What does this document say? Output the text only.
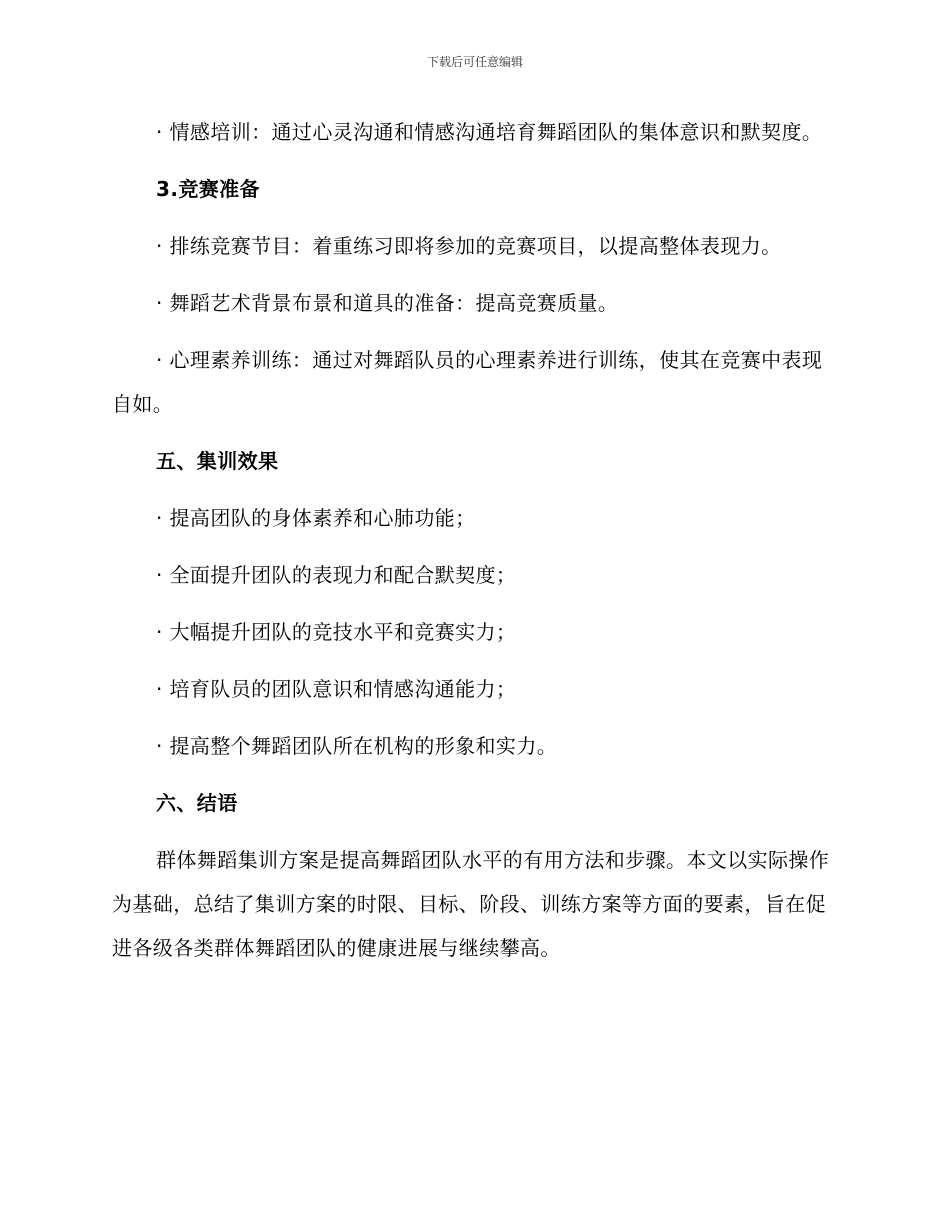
下载后可任意编辑

· 情感培训：通过心灵沟通和情感沟通培育舞蹈团队的集体意识和默契度。

3.竞赛准备

· 排练竞赛节目：着重练习即将参加的竞赛项目，以提高整体表现力。

· 舞蹈艺术背景布景和道具的准备：提高竞赛质量。

· 心理素养训练：通过对舞蹈队员的心理素养进行训练，使其在竞赛中表现自如。

五、集训效果

· 提高团队的身体素养和心肺功能；

· 全面提升团队的表现力和配合默契度；

· 大幅提升团队的竞技水平和竞赛实力；

· 培育队员的团队意识和情感沟通能力；

· 提高整个舞蹈团队所在机构的形象和实力。

六、结语

群体舞蹈集训方案是提高舞蹈团队水平的有用方法和步骤。本文以实际操作为基础，总结了集训方案的时限、目标、阶段、训练方案等方面的要素，旨在促进各级各类群体舞蹈团队的健康进展与继续攀高。
